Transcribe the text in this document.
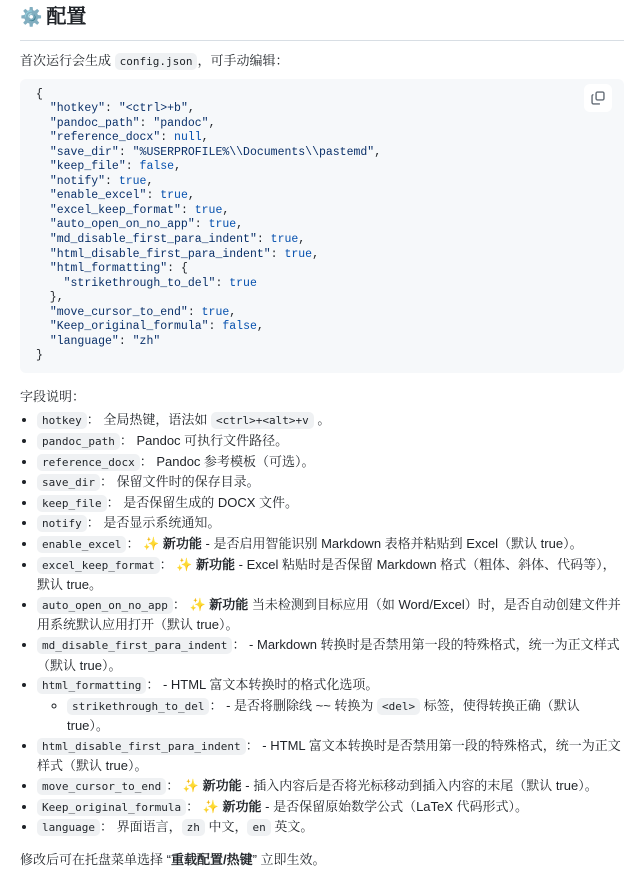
⚙️ 配置

首次运行会生成 config.json ，可手动编辑：

{
"hotkey": "<ctrl>+b",
"pandoc_path": "pandoc",
"reference_docx": null,
"save_dir": "%USERPROFILE%\\Documents\\pastemd",
"keep_file": false,
"notify": true,
"enable_excel": true,
"excel_keep_format": true,
"auto_open_on_no_app": true,
"md_disable_first_para_indent": true,
"html_disable_first_para_indent": true,
"html_formatting": {
"strikethrough_to_del": true
},
"move_cursor_to_end": true,
"Keep_original_formula": false,
"language": "zh"
}

字段说明：

• hotkey ： 全局热键，语法如 <ctrl>+<alt>+v 。
• pandoc_path ： Pandoc 可执行文件路径。
• reference_docx ： Pandoc 参考模板（可选）。
• save_dir ： 保留文件时的保存目录。
• keep_file ： 是否保留生成的 DOCX 文件。
• notify ： 是否显示系统通知。
• enable_excel ： ✨ 新功能 - 是否启用智能识别 Markdown 表格并粘贴到 Excel（默认 true）。
• excel_keep_format ： ✨ 新功能 - Excel 粘贴时是否保留 Markdown 格式（粗体、斜体、代码等），默认 true。
• auto_open_on_no_app ： ✨ 新功能 当未检测到目标应用（如 Word/Excel）时，是否自动创建文件并用系统默认应用打开（默认 true）。
• md_disable_first_para_indent ： - Markdown 转换时是否禁用第一段的特殊格式，统一为正文样式（默认 true）。
• html_formatting ： - HTML 富文本转换时的格式化选项。
◦ strikethrough_to_del ： - 是否将删除线 ~~ 转换为 <del> 标签，使得转换正确（默认 true）。
• html_disable_first_para_indent ： - HTML 富文本转换时是否禁用第一段的特殊格式，统一为正文样式（默认 true）。
• move_cursor_to_end ： ✨ 新功能 - 插入内容后是否将光标移动到插入内容的末尾（默认 true）。
• Keep_original_formula ： ✨ 新功能 - 是否保留原始数学公式（LaTeX 代码形式）。
• language ： 界面语言， zh 中文， en 英文。

修改后可在托盘菜单选择 “重载配置/热键” 立即生效。
